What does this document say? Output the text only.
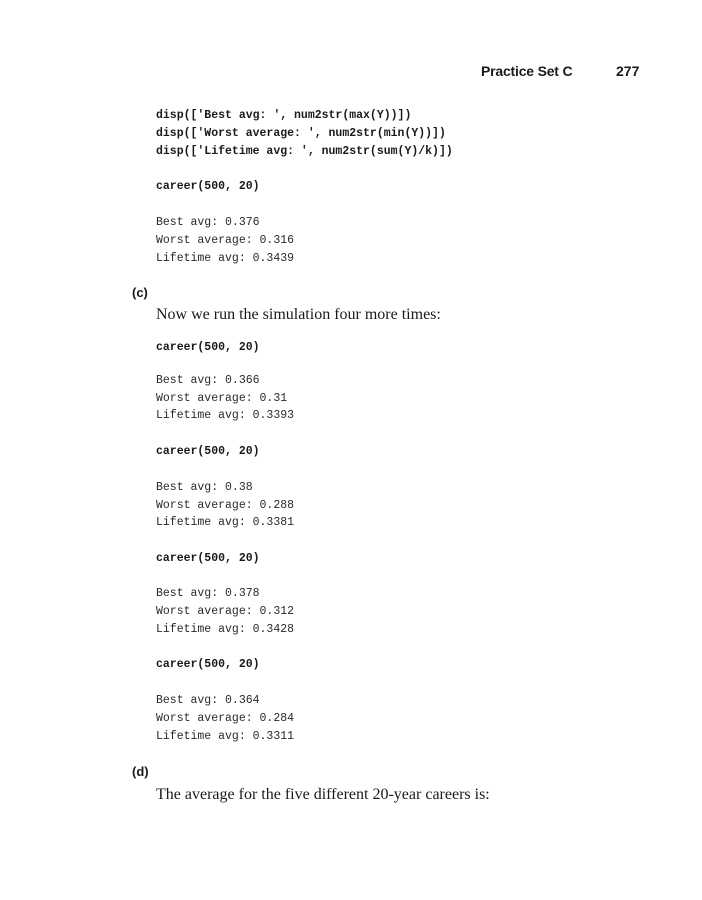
Practice Set C	277
disp(['Best avg: ', num2str(max(Y))])
disp(['Worst average: ', num2str(min(Y))])
disp(['Lifetime avg: ', num2str(sum(Y)/k)])
career(500, 20)
Best avg: 0.376
Worst average: 0.316
Lifetime avg: 0.3439
(c)
Now we run the simulation four more times:
career(500, 20)
Best avg: 0.366
Worst average: 0.31
Lifetime avg: 0.3393
career(500, 20)
Best avg: 0.38
Worst average: 0.288
Lifetime avg: 0.3381
career(500, 20)
Best avg: 0.378
Worst average: 0.312
Lifetime avg: 0.3428
career(500, 20)
Best avg: 0.364
Worst average: 0.284
Lifetime avg: 0.3311
(d)
The average for the five different 20-year careers is:
